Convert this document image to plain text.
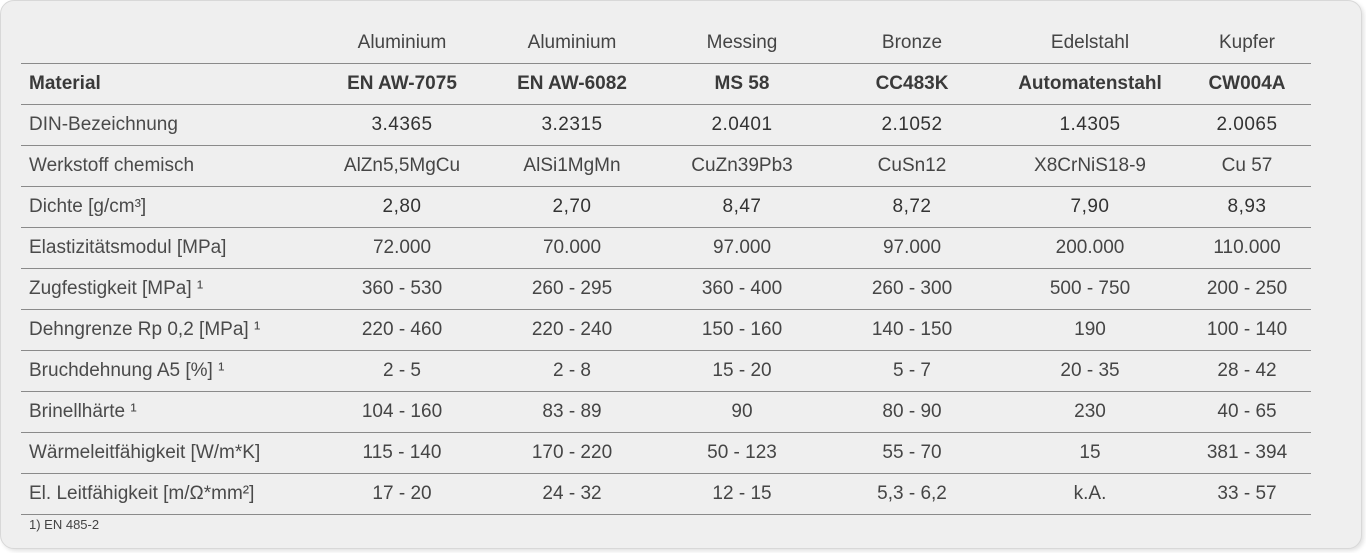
	Aluminium	Aluminium	Messing	Bronze	Edelstahl	Kupfer
Material	EN AW-7075	EN AW-6082	MS 58	CC483K	Automatenstahl	CW004A
DIN-Bezeichnung	3.4365	3.2315	2.0401	2.1052	1.4305	2.0065
Werkstoff chemisch	AlZn5,5MgCu	AlSi1MgMn	CuZn39Pb3	CuSn12	X8CrNiS18-9	Cu 57
Dichte [g/cm³]	2,80	2,70	8,47	8,72	7,90	8,93
Elastizitätsmodul [MPa]	72.000	70.000	97.000	97.000	200.000	110.000
Zugfestigkeit [MPa] ¹	360 - 530	260 - 295	360 - 400	260 - 300	500 - 750	200 - 250
Dehngrenze Rp 0,2 [MPa] ¹	220 - 460	220 - 240	150 - 160	140 - 150	190	100 - 140
Bruchdehnung A5 [%] ¹	2 - 5	2 - 8	15 - 20	5 - 7	20 - 35	28 - 42
Brinellhärte ¹	104 - 160	83 - 89	90	80 - 90	230	40 - 65
Wärmeleitfähigkeit [W/m*K]	115 - 140	170 - 220	50 - 123	55 - 70	15	381 - 394
El. Leitfähigkeit [m/Ω*mm²]	17 - 20	24 - 32	12 - 15	5,3 - 6,2	k.A.	33 - 57
1) EN 485-2
